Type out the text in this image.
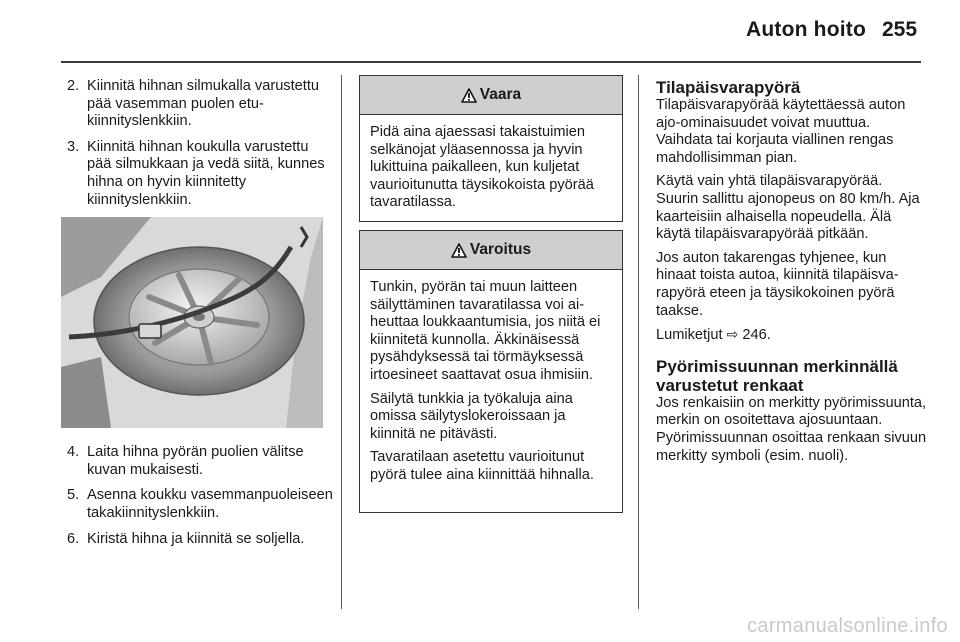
Auton hoito 255
2. Kiinnitä hihnan silmukalla varustettu pää vasemman puolen etukiinnityslenkkiin.
3. Kiinnitä hihnan koukulla varustettu pää silmukkaan ja vedä siitä, kunnes hihna on hyvin kiinnitetty kiinnityslenkkiin.
4. Laita hihna pyörän puolien välitse kuvan mukaisesti.
5. Asenna koukku vasemmanpuoleiseen takakiinnityslenkkiin.
6. Kiristä hihna ja kiinnitä se soljella.
Vaara

Pidä aina ajaessasi takaistuimien selkänojat yläasennossa ja hyvin lukittuina paikalleen, kun kuljetat vaurioitunutta täysikokoista pyörää tavaratilassa.

Varoitus

Tunkin, pyörän tai muun laitteen säilyttäminen tavaratilassa voi aiheuttaa loukkaantumisia, jos niitä ei kiinnitetä kunnolla. Äkkinäisessä pysähdyksessä tai törmäyksessä irtoesineet saattavat osua ihmisiin.

Säilytä tunkkia ja työkaluja aina omissa säilytyslokeroissaan ja kiinnitä ne pitävästi.

Tavaratilaan asetettu vaurioitunut pyörä tulee aina kiinnittää hihnalla.

Tilapäisvarapyörä

Tilapäisvarapyörää käytettäessä auton ajo-ominaisuudet voivat muuttua. Vaihdata tai korjauta viallinen rengas mahdollisimman pian.

Käytä vain yhtä tilapäisvarapyörää. Suurin sallittu ajonopeus on 80 km/h. Aja kaarteisiin alhaisella nopeudella. Älä käytä tilapäisvarapyörää pitkään.

Jos auton takarengas tyhjenee, kun hinaat toista autoa, kiinnitä tilapäisvarapyörä eteen ja täysikokoinen pyörä taakse.

Lumiketjut ⇨ 246.

Pyörimissuunnan merkinnällä varustetut renkaat

Jos renkaisiin on merkitty pyörimissuunta, merkin on osoitettava ajosuuntaan. Pyörimissuunnan osoittaa renkaan sivuun merkitty symboli (esim. nuoli).

carmanualsonline.info
